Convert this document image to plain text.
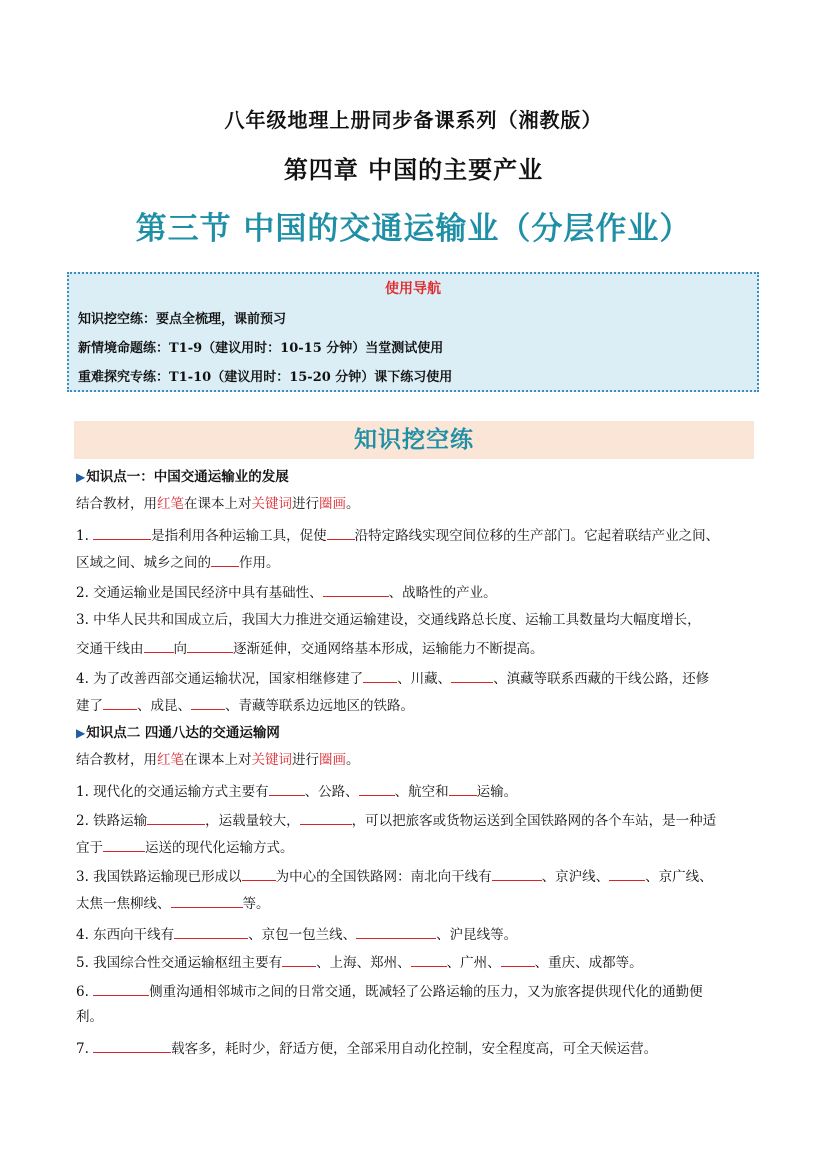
八年级地理上册同步备课系列（湘教版）
第四章 中国的主要产业
第三节 中国的交通运输业（分层作业）
使用导航
知识挖空练：要点全梳理，课前预习
新情境命题练：T1-9（建议用时：10-15 分钟）当堂测试使用
重难探究专练：T1-10（建议用时：15-20 分钟）课下练习使用
知识挖空练
▶知识点一：中国交通运输业的发展
结合教材，用红笔在课本上对关键词进行圈画。
1.	是指利用各种运输工具，促使 沿特定路线实现空间位移的生产部门。它起着联结产业之间、
区域之间、城乡之间的 作用。
2. 交通运输业是国民经济中具有基础性、	、战略性的产业。
3. 中华人民共和国成立后，我国大力推进交通运输建设，交通线路总长度、运输工具数量均大幅度增长，
交通干线由 向	逐渐延伸，交通网络基本形成，运输能力不断提高。
4. 为了改善西部交通运输状况，国家相继修建了	、川藏、	、滇藏等联系西藏的干线公路，还修
建了	、成昆、	、青藏等联系边远地区的铁路。
▶知识点二 四通八达的交通运输网
结合教材，用红笔在课本上对关键词进行圈画。
1. 现代化的交通运输方式主要有	、公路、	、航空和 运输。
2. 铁路运输	，运载量较大，	，可以把旅客或货物运送到全国铁路网的各个车站，是一种适
宜于	运送的现代化运输方式。
3. 我国铁路运输现已形成以	为中心的全国铁路网：南北向干线有	、京沪线、	、京广线、
太焦一焦柳线、	等。
4. 东西向干线有	、京包一包兰线、	、沪昆线等。
5. 我国综合性交通运输枢纽主要有	、上海、郑州、	、广州、	、重庆、成都等。
6.	侧重沟通相邻城市之间的日常交通，既减轻了公路运输的压力，又为旅客提供现代化的通勤便
利。
7.	载客多，耗时少，舒适方便，全部采用自动化控制，安全程度高，可全天候运营。
